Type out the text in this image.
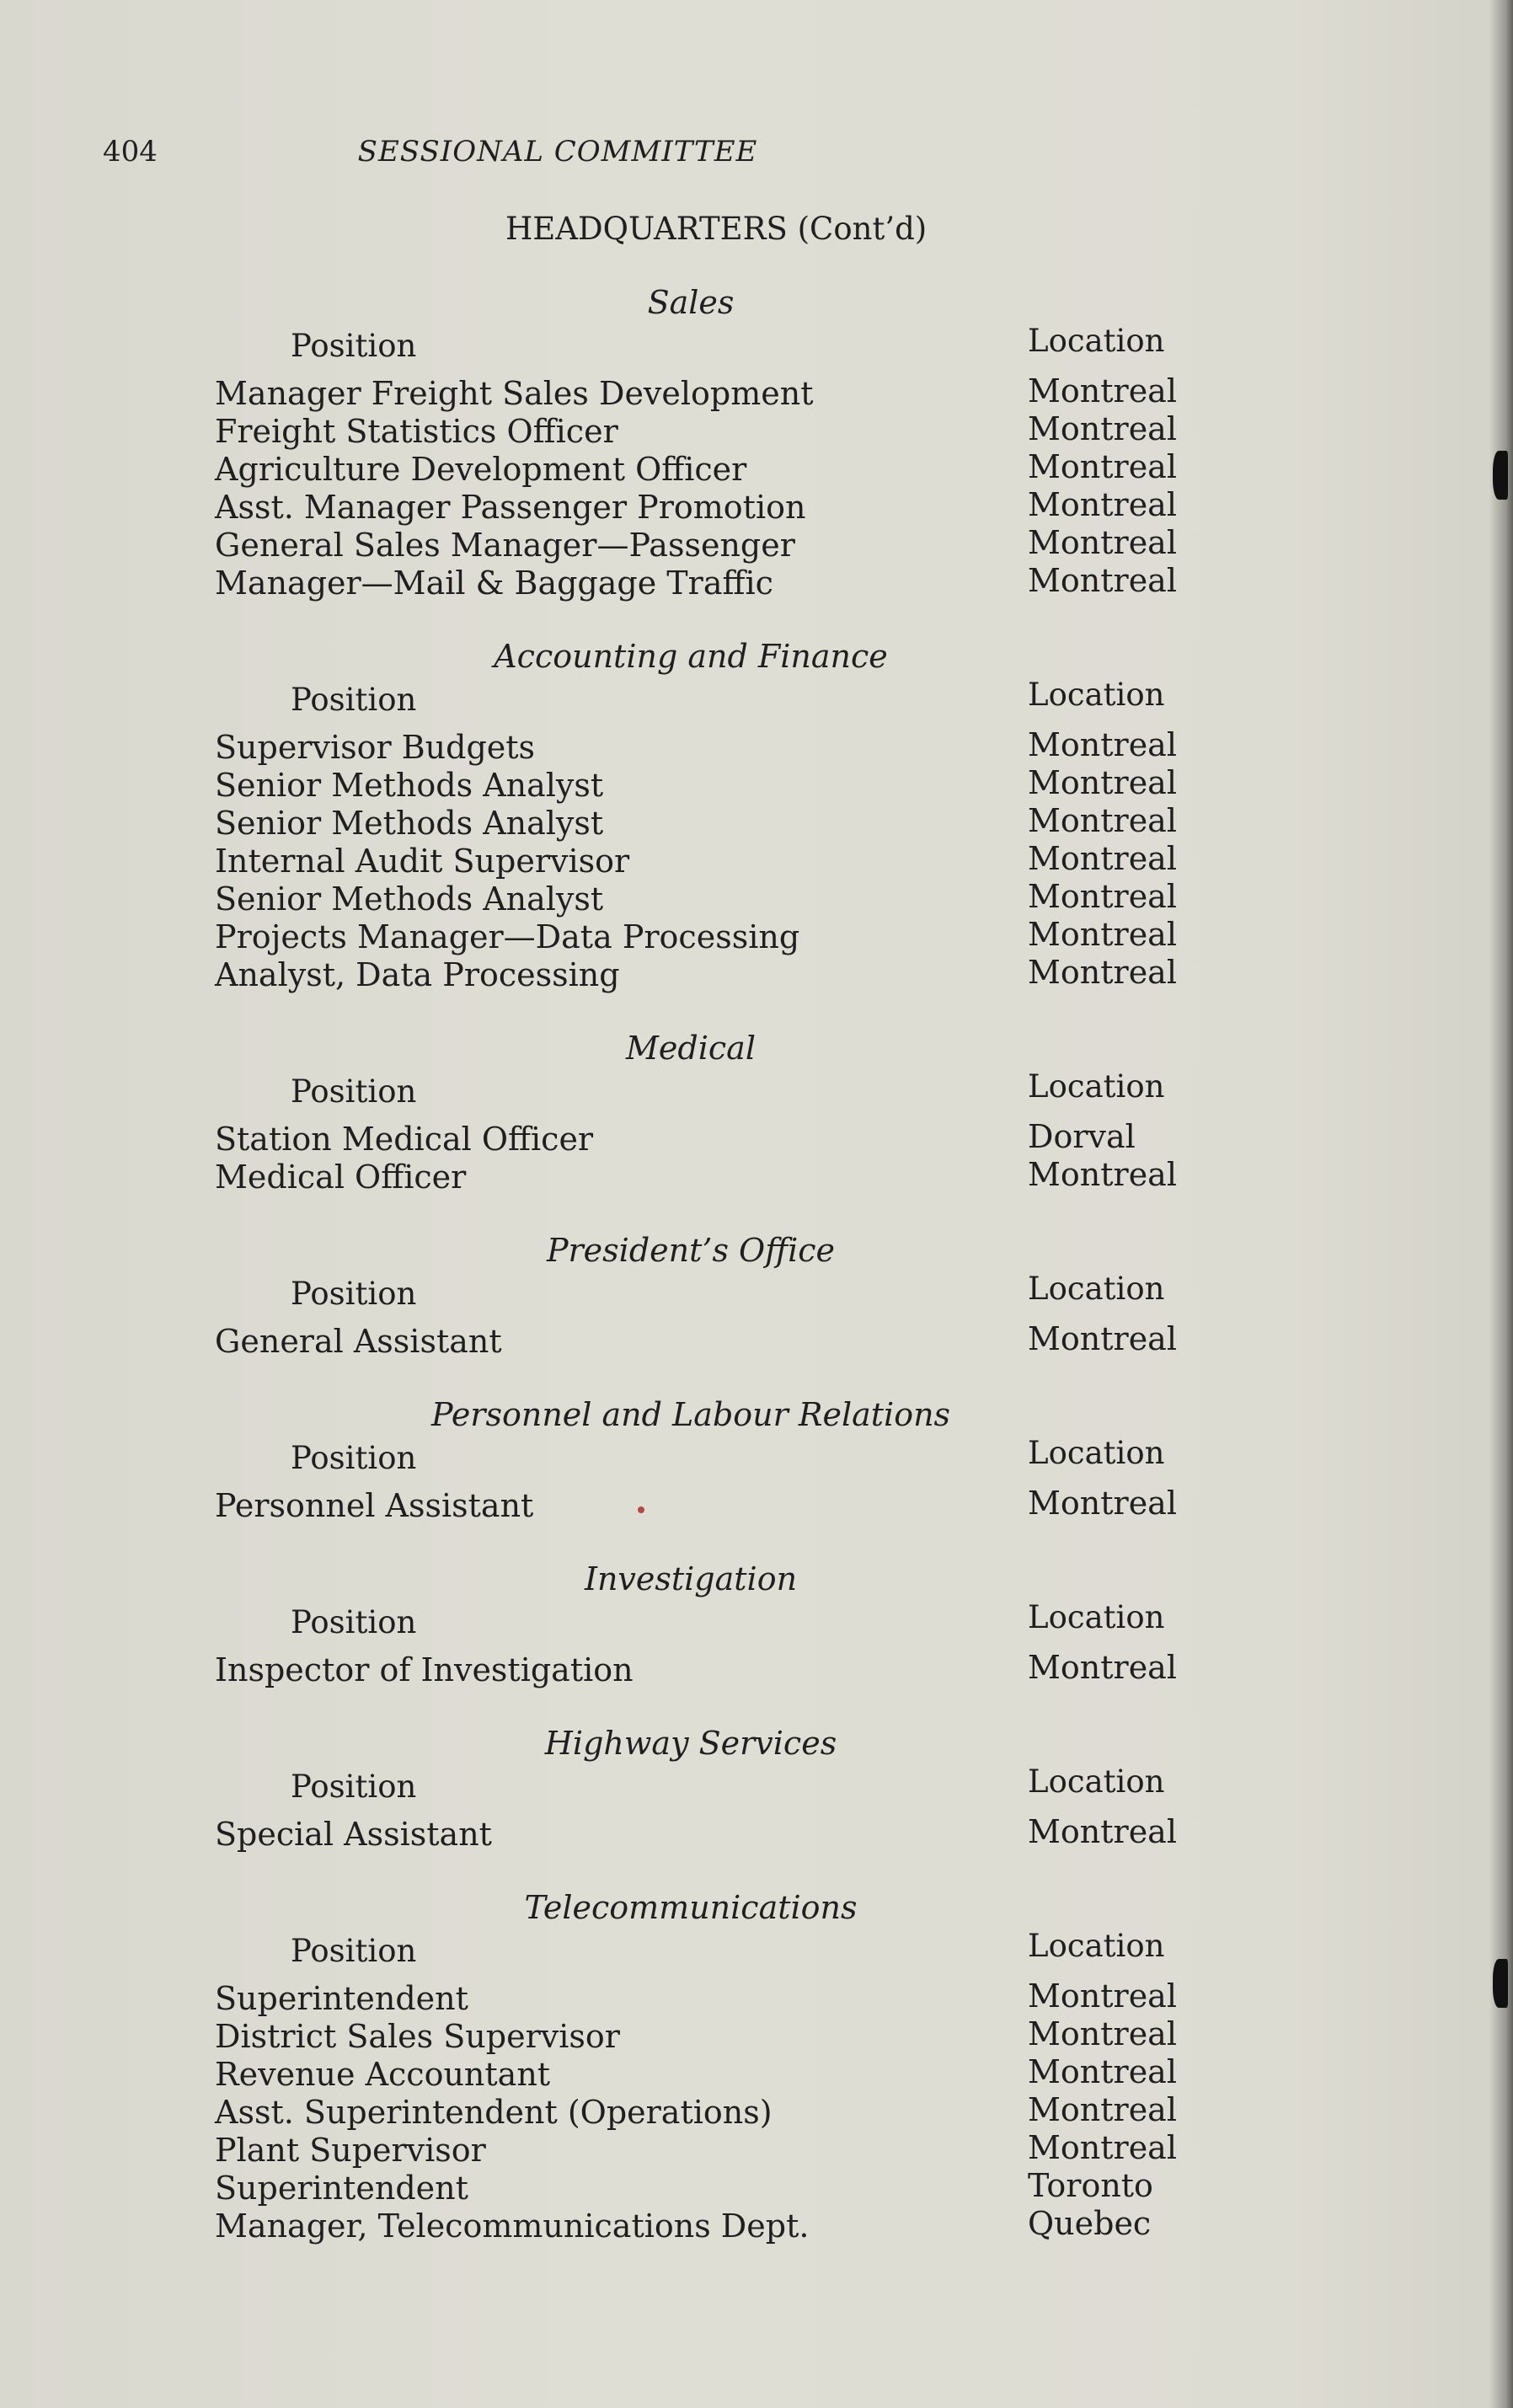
404	SESSIONAL COMMITTEE
HEADQUARTERS (Cont’d)
Sales
Position	Location
Manager Freight Sales Development	Montreal
Freight Statistics Officer	Montreal
Agriculture Development Officer	Montreal
Asst. Manager Passenger Promotion	Montreal
General Sales Manager—Passenger	Montreal
Manager—Mail & Baggage Traffic	Montreal
Accounting and Finance
Position	Location
Supervisor Budgets	Montreal
Senior Methods Analyst	Montreal
Senior Methods Analyst	Montreal
Internal Audit Supervisor	Montreal
Senior Methods Analyst	Montreal
Projects Manager—Data Processing	Montreal
Analyst, Data Processing	Montreal
Medical
Position	Location
Station Medical Officer	Dorval
Medical Officer	Montreal
President’s Office
Position	Location
General Assistant	Montreal
Personnel and Labour Relations
Position	Location
Personnel Assistant	Montreal
Investigation
Position	Location
Inspector of Investigation	Montreal
Highway Services
Position	Location
Special Assistant	Montreal
Telecommunications
Position	Location
Superintendent	Montreal
District Sales Supervisor	Montreal
Revenue Accountant	Montreal
Asst. Superintendent (Operations)	Montreal
Plant Supervisor	Montreal
Superintendent	Toronto
Manager, Telecommunications Dept.	Quebec
